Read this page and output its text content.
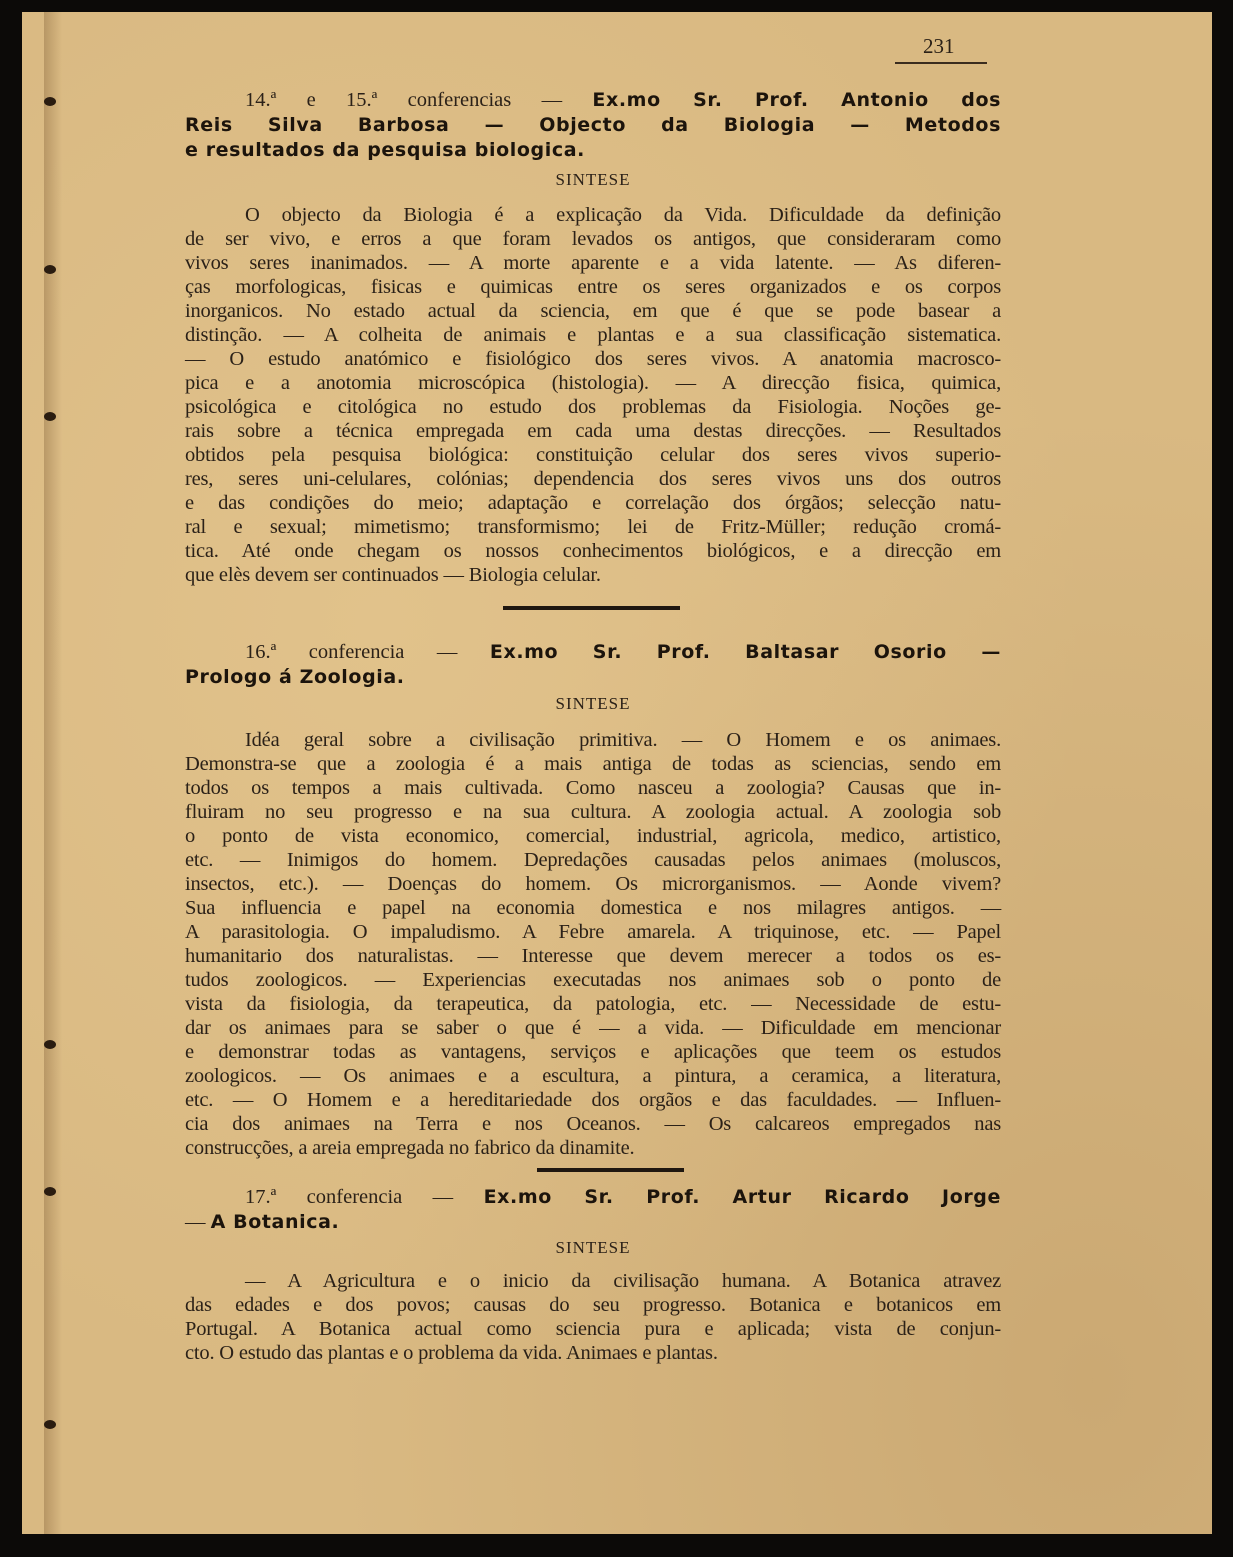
231
14.ª e 15.ª conferencias — Ex.mo Sr. Prof. Antonio dos
Reis Silva Barbosa — Objecto da Biologia — Metodos
e resultados da pesquisa biologica.
SINTESE
O objecto da Biologia é a explicação da Vida. Dificuldade da definição
de ser vivo, e erros a que foram levados os antigos, que consideraram como
vivos seres inanimados. — A morte aparente e a vida latente. — As diferen-
ças morfologicas, fisicas e quimicas entre os seres organizados e os corpos
inorganicos. No estado actual da sciencia, em que é que se pode basear a
distinção. — A colheita de animais e plantas e a sua classificação sistematica.
— O estudo anatómico e fisiológico dos seres vivos. A anatomia macrosco-
pica e a anotomia microscópica (histologia). — A direcção fisica, quimica,
psicológica e citológica no estudo dos problemas da Fisiologia. Noções ge-
rais sobre a técnica empregada em cada uma destas direcções. — Resultados
obtidos pela pesquisa biológica: constituição celular dos seres vivos superio-
res, seres uni-celulares, colónias; dependencia dos seres vivos uns dos outros
e das condições do meio; adaptação e correlação dos órgãos; selecção natu-
ral e sexual; mimetismo; transformismo; lei de Fritz-Müller; redução cromá-
tica. Até onde chegam os nossos conhecimentos biológicos, e a direcção em
que elès devem ser continuados — Biologia celular.
16.ª conferencia — Ex.mo Sr. Prof. Baltasar Osorio —
Prologo á Zoologia.
SINTESE
Idéa geral sobre a civilisação primitiva. — O Homem e os animaes.
Demonstra-se que a zoologia é a mais antiga de todas as sciencias, sendo em
todos os tempos a mais cultivada. Como nasceu a zoologia? Causas que in-
fluiram no seu progresso e na sua cultura. A zoologia actual. A zoologia sob
o ponto de vista economico, comercial, industrial, agricola, medico, artistico,
etc. — Inimigos do homem. Depredações causadas pelos animaes (moluscos,
insectos, etc.). — Doenças do homem. Os microrganismos. — Aonde vivem?
Sua influencia e papel na economia domestica e nos milagres antigos. —
A parasitologia. O impaludismo. A Febre amarela. A triquinose, etc. — Papel
humanitario dos naturalistas. — Interesse que devem merecer a todos os es-
tudos zoologicos. — Experiencias executadas nos animaes sob o ponto de
vista da fisiologia, da terapeutica, da patologia, etc. — Necessidade de estu-
dar os animaes para se saber o que é — a vida. — Dificuldade em mencionar
e demonstrar todas as vantagens, serviços e aplicações que teem os estudos
zoologicos. — Os animaes e a escultura, a pintura, a ceramica, a literatura,
etc. — O Homem e a hereditariedade dos orgãos e das faculdades. — Influen-
cia dos animaes na Terra e nos Oceanos. — Os calcareos empregados nas
construcções, a areia empregada no fabrico da dinamite.
17.ª conferencia — Ex.mo Sr. Prof. Artur Ricardo Jorge
— A Botanica.
SINTESE
— A Agricultura e o inicio da civilisação humana. A Botanica atravez
das edades e dos povos; causas do seu progresso. Botanica e botanicos em
Portugal. A Botanica actual como sciencia pura e aplicada; vista de conjun-
cto. O estudo das plantas e o problema da vida. Animaes e plantas.
